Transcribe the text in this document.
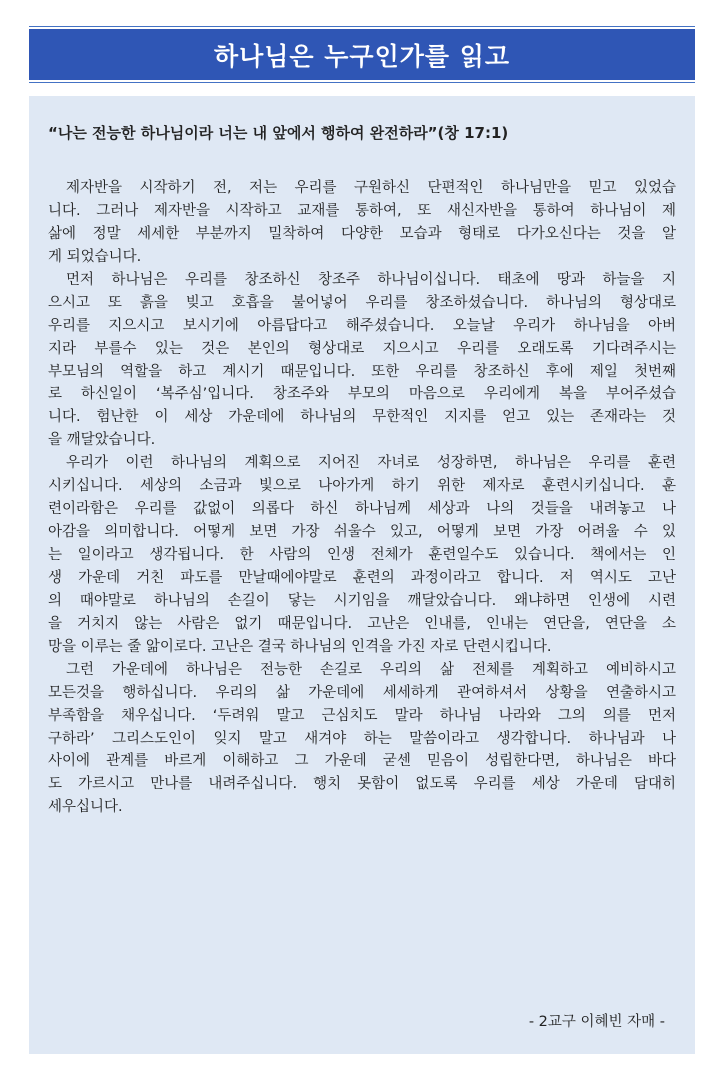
하나님은 누구인가를 읽고
“나는 전능한 하나님이라 너는 내 앞에서 행하여 완전하라”(창 17:1)
제자반을 시작하기 전, 저는 우리를 구원하신 단편적인 하나님만을 믿고 있었습
니다. 그러나 제자반을 시작하고 교재를 통하여, 또 새신자반을 통하여 하나님이 제
삶에 정말 세세한 부분까지 밀착하여 다양한 모습과 형태로 다가오신다는 것을 알
게 되었습니다.
먼저 하나님은 우리를 창조하신 창조주 하나님이십니다. 태초에 땅과 하늘을 지
으시고 또 흙을 빚고 호흡을 불어넣어 우리를 창조하셨습니다. 하나님의 형상대로
우리를 지으시고 보시기에 아름답다고 해주셨습니다. 오늘날 우리가 하나님을 아버
지라 부를수 있는 것은 본인의 형상대로 지으시고 우리를 오래도록 기다려주시는
부모님의 역할을 하고 계시기 때문입니다. 또한 우리를 창조하신 후에 제일 첫번째
로 하신일이 ‘복주심’입니다. 창조주와 부모의 마음으로 우리에게 복을 부어주셨습
니다. 험난한 이 세상 가운데에 하나님의 무한적인 지지를 얻고 있는 존재라는 것
을 깨달았습니다.
우리가 이런 하나님의 계획으로 지어진 자녀로 성장하면, 하나님은 우리를 훈련
시키십니다. 세상의 소금과 빛으로 나아가게 하기 위한 제자로 훈련시키십니다. 훈
련이라함은 우리를 값없이 의롭다 하신 하나님께 세상과 나의 것들을 내려놓고 나
아감을 의미합니다. 어떻게 보면 가장 쉬울수 있고, 어떻게 보면 가장 어려울 수 있
는 일이라고 생각됩니다. 한 사람의 인생 전체가 훈련일수도 있습니다. 책에서는 인
생 가운데 거친 파도를 만날때에야말로 훈련의 과정이라고 합니다. 저 역시도 고난
의 때야말로 하나님의 손길이 닿는 시기임을 깨달았습니다. 왜냐하면 인생에 시련
을 거치지 않는 사람은 없기 때문입니다. 고난은 인내를, 인내는 연단을, 연단을 소
망을 이루는 줄 앎이로다. 고난은 결국 하나님의 인격을 가진 자로 단련시킵니다.
그런 가운데에 하나님은 전능한 손길로 우리의 삶 전체를 계획하고 예비하시고
모든것을 행하십니다. 우리의 삶 가운데에 세세하게 관여하셔서 상황을 연출하시고
부족함을 채우십니다. ‘두려워 말고 근심치도 말라 하나님 나라와 그의 의를 먼저
구하라’ 그리스도인이 잊지 말고 새겨야 하는 말씀이라고 생각합니다. 하나님과 나
사이에 관계를 바르게 이해하고 그 가운데 굳센 믿음이 성립한다면, 하나님은 바다
도 가르시고 만나를 내려주십니다. 행치 못함이 없도록 우리를 세상 가운데 담대히
세우십니다.
- 2교구 이혜빈 자매 -
